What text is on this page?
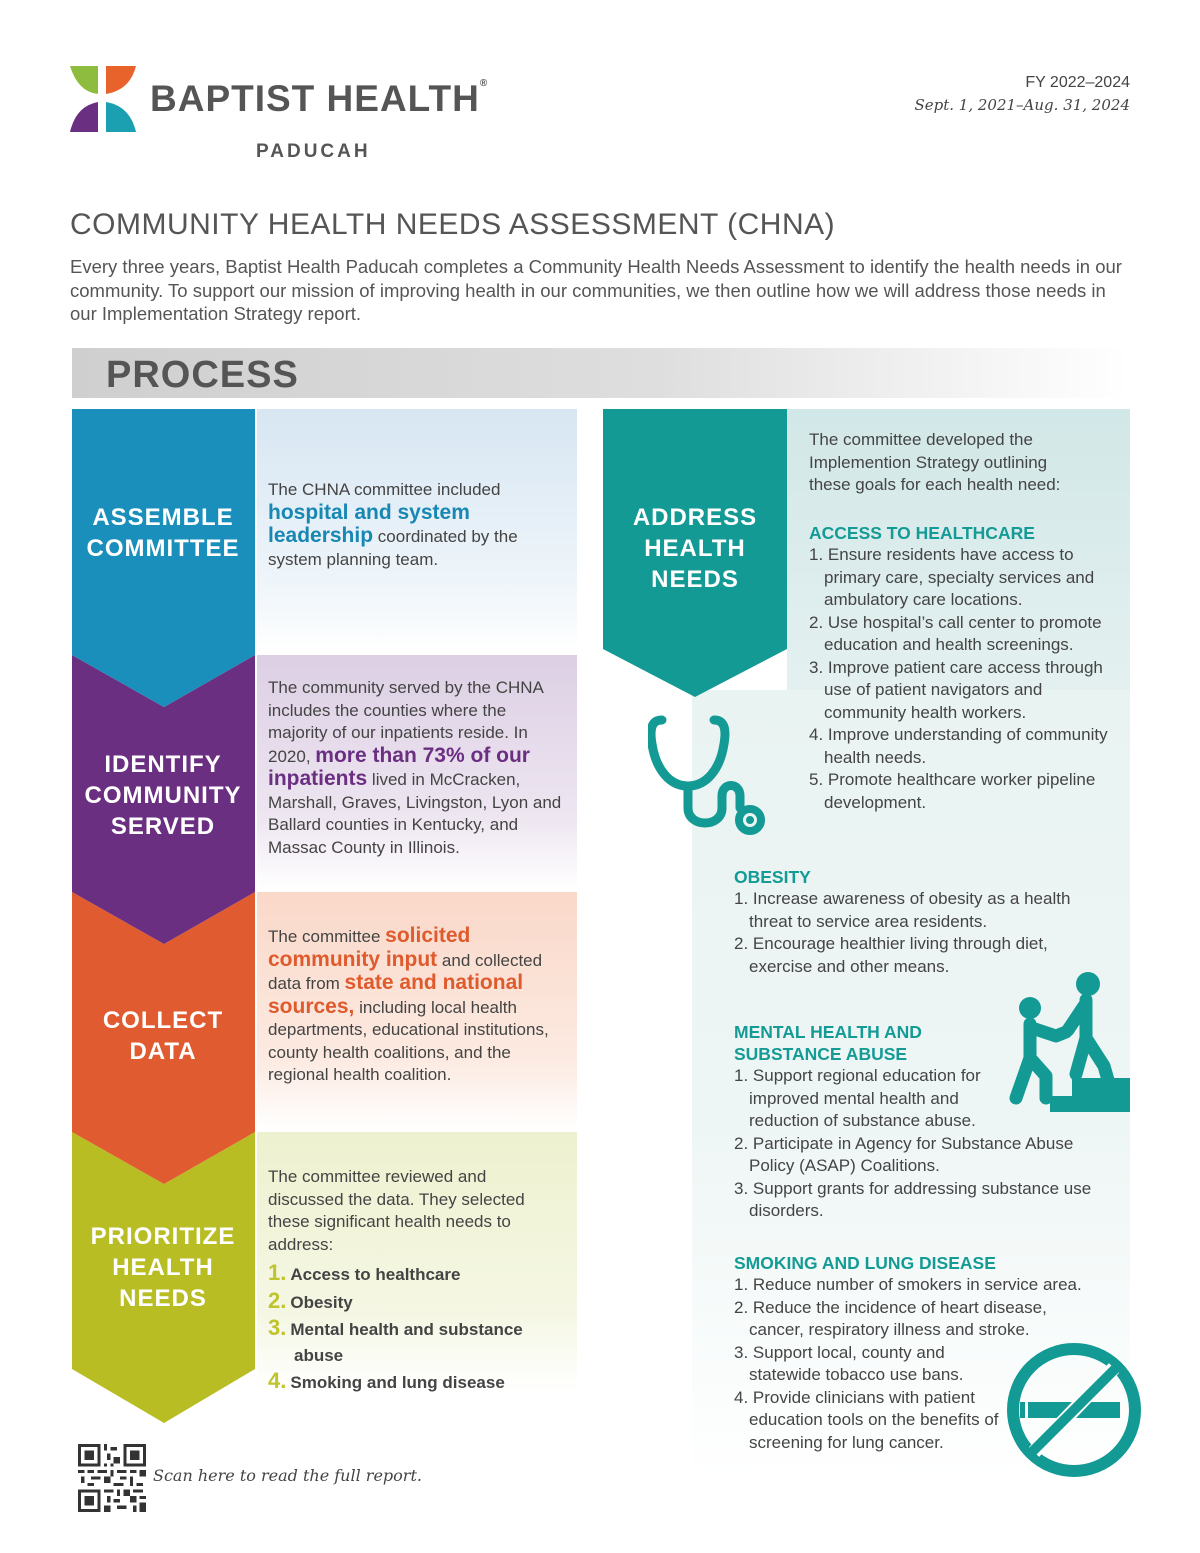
BAPTIST HEALTH®
PADUCAH
FY 2022–2024
Sept. 1, 2021–Aug. 31, 2024
COMMUNITY HEALTH NEEDS ASSESSMENT (CHNA)
Every three years, Baptist Health Paducah completes a Community Health Needs Assessment to identify the health needs in our community. To support our mission of improving health in our communities, we then outline how we will address those needs in our Implementation Strategy report.
PROCESS
ASSEMBLE COMMITTEE
IDENTIFY COMMUNITY SERVED
COLLECT DATA
PRIORITIZE HEALTH NEEDS
The CHNA committee included
hospital and system leadership coordinated by the system planning team.
The community served by the CHNA includes the counties where the majority of our inpatients reside. In 2020, more than 73% of our inpatients lived in McCracken, Marshall, Graves, Livingston, Lyon and Ballard counties in Kentucky, and Massac County in Illinois.
The committee solicited community input and collected data from state and national sources, including local health departments, educational institutions, county health coalitions, and the regional health coalition.
The committee reviewed and discussed the data. They selected these significant health needs to address:
1. Access to healthcare
2. Obesity
3. Mental health and substance abuse
4. Smoking and lung disease
ADDRESS HEALTH NEEDS
The committee developed the Implemention Strategy outlining these goals for each health need:
ACCESS TO HEALTHCARE
1. Ensure residents have access to primary care, specialty services and ambulatory care locations.
2. Use hospital’s call center to promote education and health screenings.
3. Improve patient care access through use of patient navigators and community health workers.
4. Improve understanding of community health needs.
5. Promote healthcare worker pipeline development.
OBESITY
1. Increase awareness of obesity as a health threat to service area residents.
2. Encourage healthier living through diet, exercise and other means.
MENTAL HEALTH AND SUBSTANCE ABUSE
1. Support regional education for improved mental health and reduction of substance abuse.
2. Participate in Agency for Substance Abuse Policy (ASAP) Coalitions.
3. Support grants for addressing substance use disorders.
SMOKING AND LUNG DISEASE
1. Reduce number of smokers in service area.
2. Reduce the incidence of heart disease, cancer, respiratory illness and stroke.
3. Support local, county and statewide tobacco use bans.
4. Provide clinicians with patient education tools on the benefits of screening for lung cancer.
Scan here to read the full report.
